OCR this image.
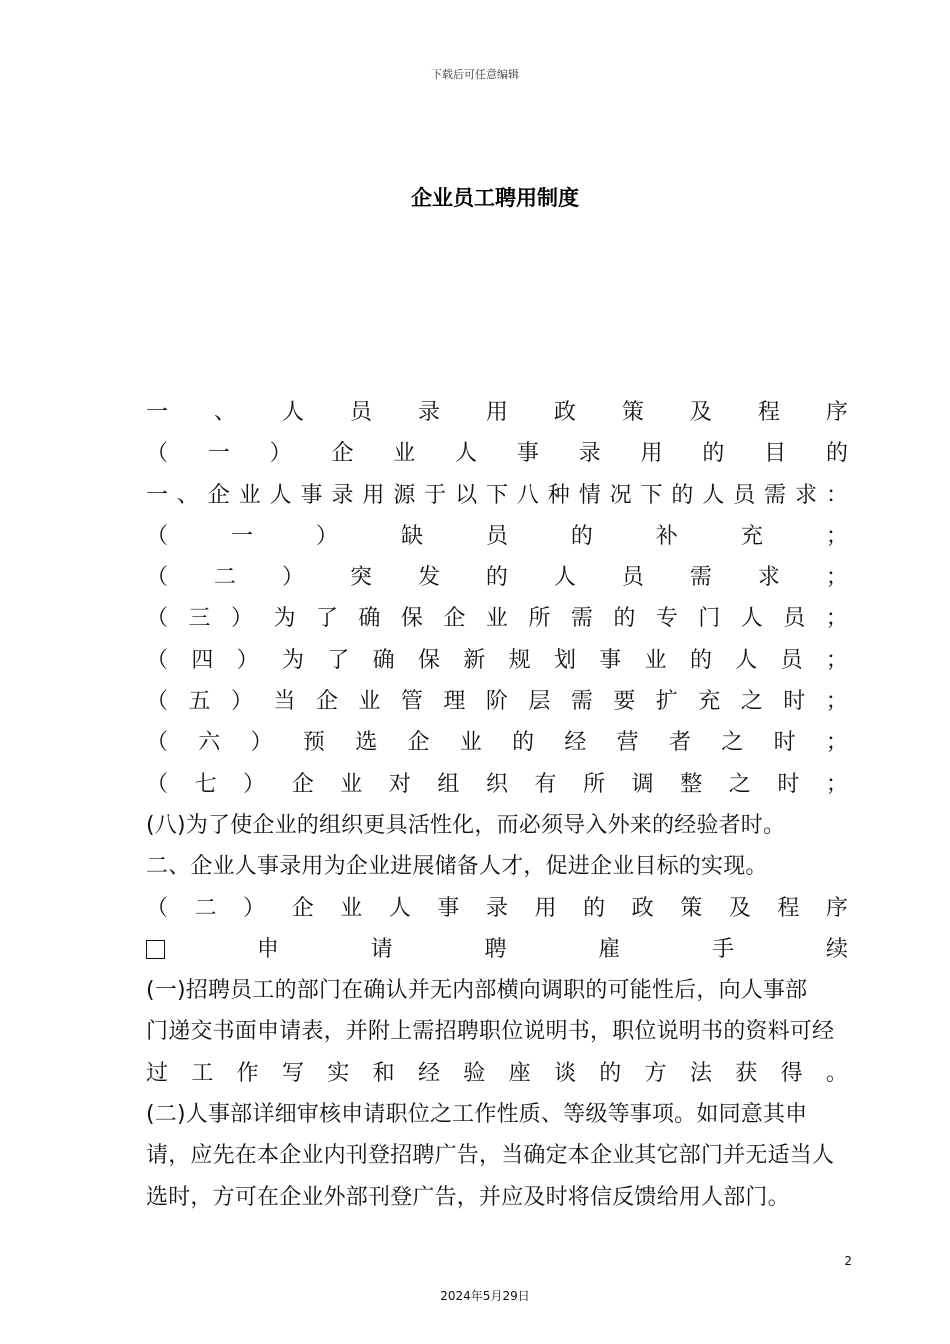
下载后可任意编辑
企业员工聘用制度
一 、 人 员 录 用 政 策 及 程 序
（ 一 ） 企 业 人 事 录 用 的 目 的
一 、 企 业 人 事 录 用 源 于 以 下 八 种 情 况 下 的 人 员 需 求 ：
（	一	）	缺	员	的	补	充	；
（ 二 ） 突 发 的 人 员 需 求 ；
（ 三 ） 为 了 确 保 企 业 所 需 的 专 门 人 员 ；
（ 四 ） 为 了 确 保 新 规 划 事 业 的 人 员 ；
（ 五 ） 当 企 业 管 理 阶 层 需 要 扩 充 之 时 ；
（ 六 ） 预 选 企 业 的 经 营 者 之 时 ；
（ 七 ） 企 业 对 组 织 有 所 调 整 之 时 ；
(八)为了使企业的组织更具活性化，而必须导入外来的经验者时。
二、企业人事录用为企业进展储备人才，促进企业目标的实现。
（ 二 ） 企 业 人 事 录 用 的 政 策 及 程 序
申	请	聘	雇	手	续
(一)招聘员工的部门在确认并无内部横向调职的可能性后，向人事部
门递交书面申请表，并附上需招聘职位说明书，职位说明书的资料可经
过 工 作 写 实 和 经 验 座 谈 的 方 法 获 得 。
(二)人事部详细审核申请职位之工作性质、等级等事项。如同意其申
请，应先在本企业内刊登招聘广告，当确定本企业其它部门并无适当人
选时，方可在企业外部刊登广告，并应及时将信反馈给用人部门。
2
2024年5月29日
